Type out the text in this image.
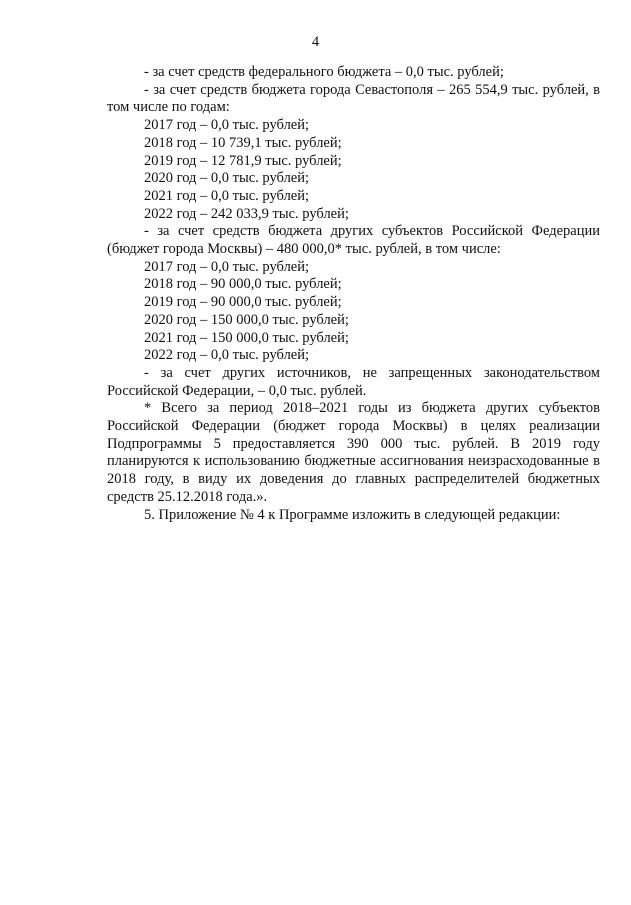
4

- за счет средств федерального бюджета – 0,0 тыс. рублей;

- за счет средств бюджета города Севастополя – 265 554,9 тыс. рублей, в том числе по годам:

2017 год – 0,0 тыс. рублей;

2018 год – 10 739,1 тыс. рублей;

2019 год – 12 781,9 тыс. рублей;

2020 год – 0,0 тыс. рублей;

2021 год – 0,0 тыс. рублей;

2022 год – 242 033,9 тыс. рублей;

- за счет средств бюджета других субъектов Российской Федерации (бюджет города Москвы) – 480 000,0* тыс. рублей, в том числе:

2017 год – 0,0 тыс. рублей;

2018 год – 90 000,0 тыс. рублей;

2019 год – 90 000,0 тыс. рублей;

2020 год – 150 000,0 тыс. рублей;

2021 год – 150 000,0 тыс. рублей;

2022 год – 0,0 тыс. рублей;

- за счет других источников, не запрещенных законодательством Российской Федерации, – 0,0 тыс. рублей.

* Всего за период 2018–2021 годы из бюджета других субъектов Российской Федерации (бюджет города Москвы) в целях реализации Подпрограммы 5 предоставляется 390 000 тыс. рублей. В 2019 году планируются к использованию бюджетные ассигнования неизрасходованные в 2018 году, в виду их доведения до главных распределителей бюджетных средств 25.12.2018 года.».

5. Приложение № 4 к Программе изложить в следующей редакции:
